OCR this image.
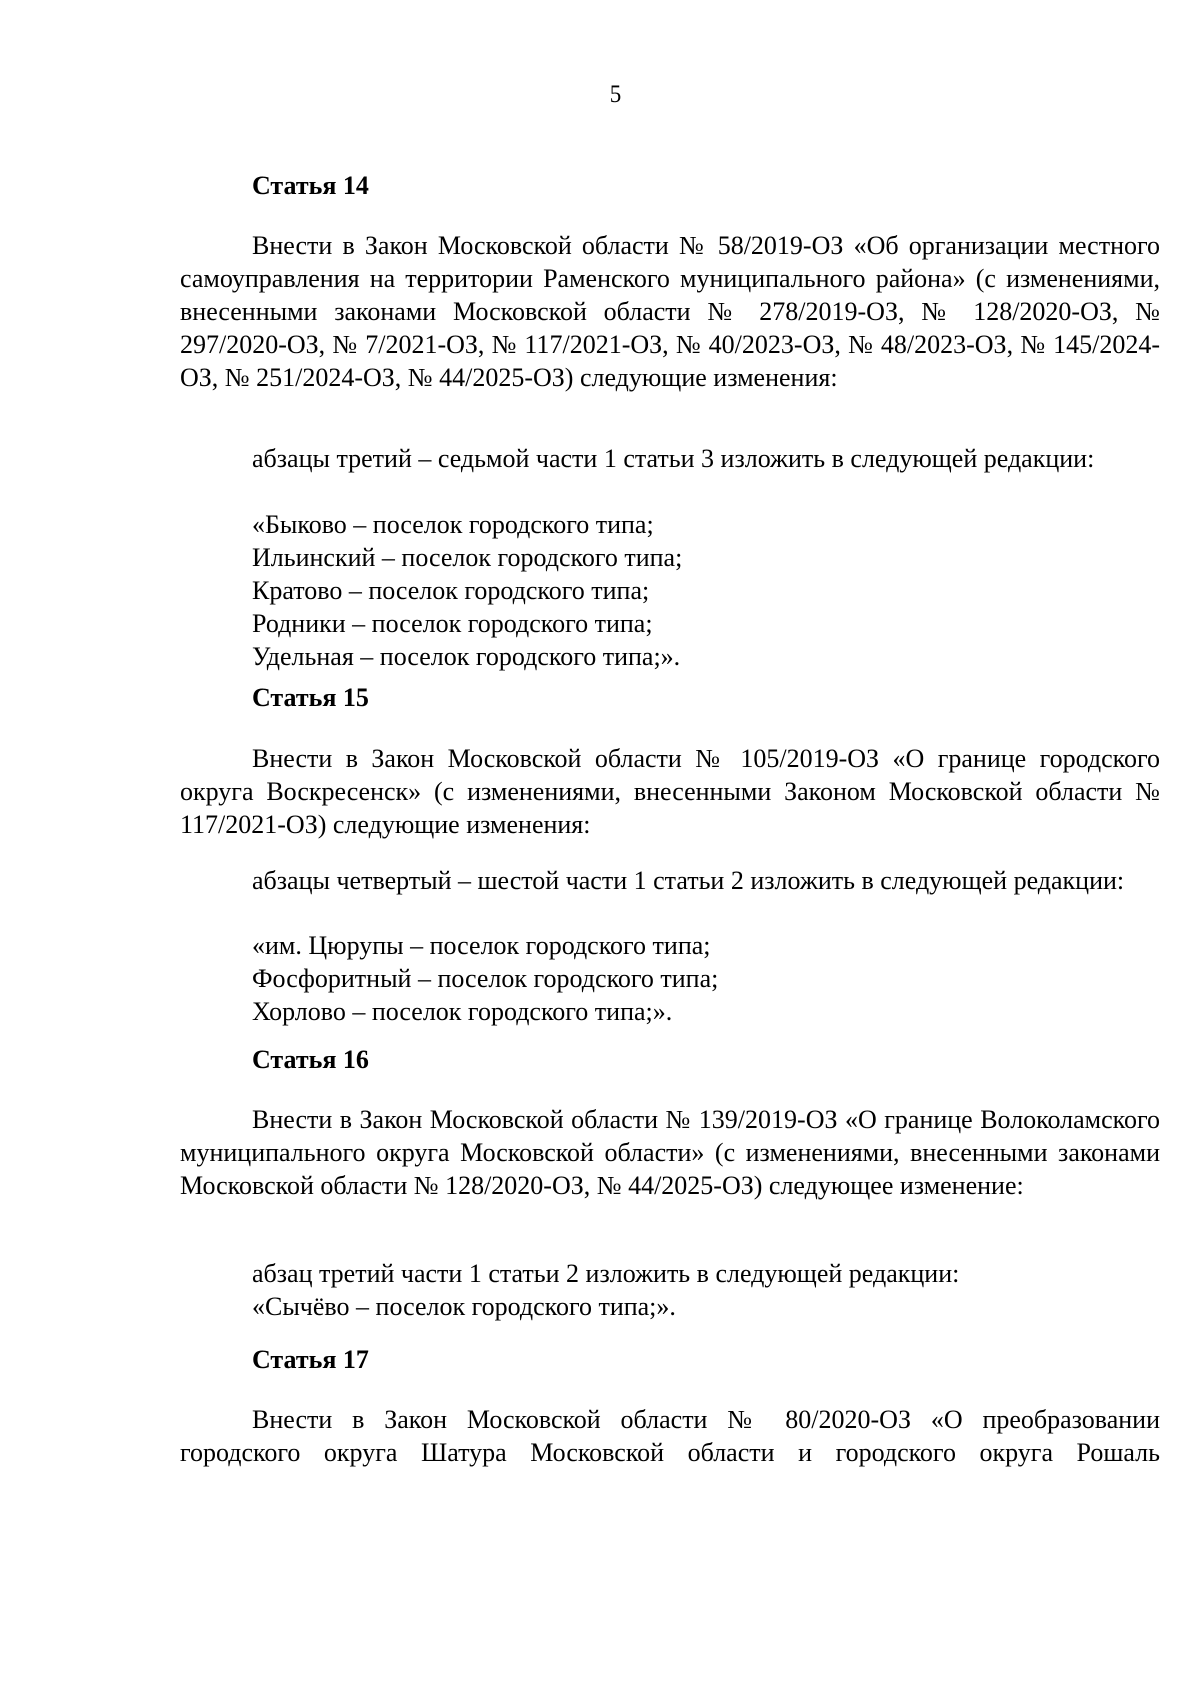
5
Статья 14
Внести в Закон Московской области № 58/2019-ОЗ «Об организации местного самоуправления на территории Раменского муниципального района» (с изменениями, внесенными законами Московской области № 278/2019-ОЗ, № 128/2020-ОЗ, № 297/2020-ОЗ, № 7/2021-ОЗ, № 117/2021-ОЗ, № 40/2023-ОЗ, № 48/2023-ОЗ, № 145/2024-ОЗ, № 251/2024-ОЗ, № 44/2025-ОЗ) следующие изменения:
абзацы третий – седьмой части 1 статьи 3 изложить в следующей редакции:
«Быково – поселок городского типа;
Ильинский – поселок городского типа;
Кратово – поселок городского типа;
Родники – поселок городского типа;
Удельная – поселок городского типа;».
Статья 15
Внести в Закон Московской области № 105/2019-ОЗ «О границе городского округа Воскресенск» (с изменениями, внесенными Законом Московской области № 117/2021-ОЗ) следующие изменения:
абзацы четвертый – шестой части 1 статьи 2 изложить в следующей редакции:
«им. Цюрупы – поселок городского типа;
Фосфоритный – поселок городского типа;
Хорлово – поселок городского типа;».
Статья 16
Внести в Закон Московской области № 139/2019-ОЗ «О границе Волоколамского муниципального округа Московской области» (с изменениями, внесенными законами Московской области № 128/2020-ОЗ, № 44/2025-ОЗ) следующее изменение:
абзац третий части 1 статьи 2 изложить в следующей редакции:
«Сычёво – поселок городского типа;».
Статья 17
Внести в Закон Московской области № 80/2020-ОЗ «О преобразовании городского округа Шатура Московской области и городского округа Рошаль
